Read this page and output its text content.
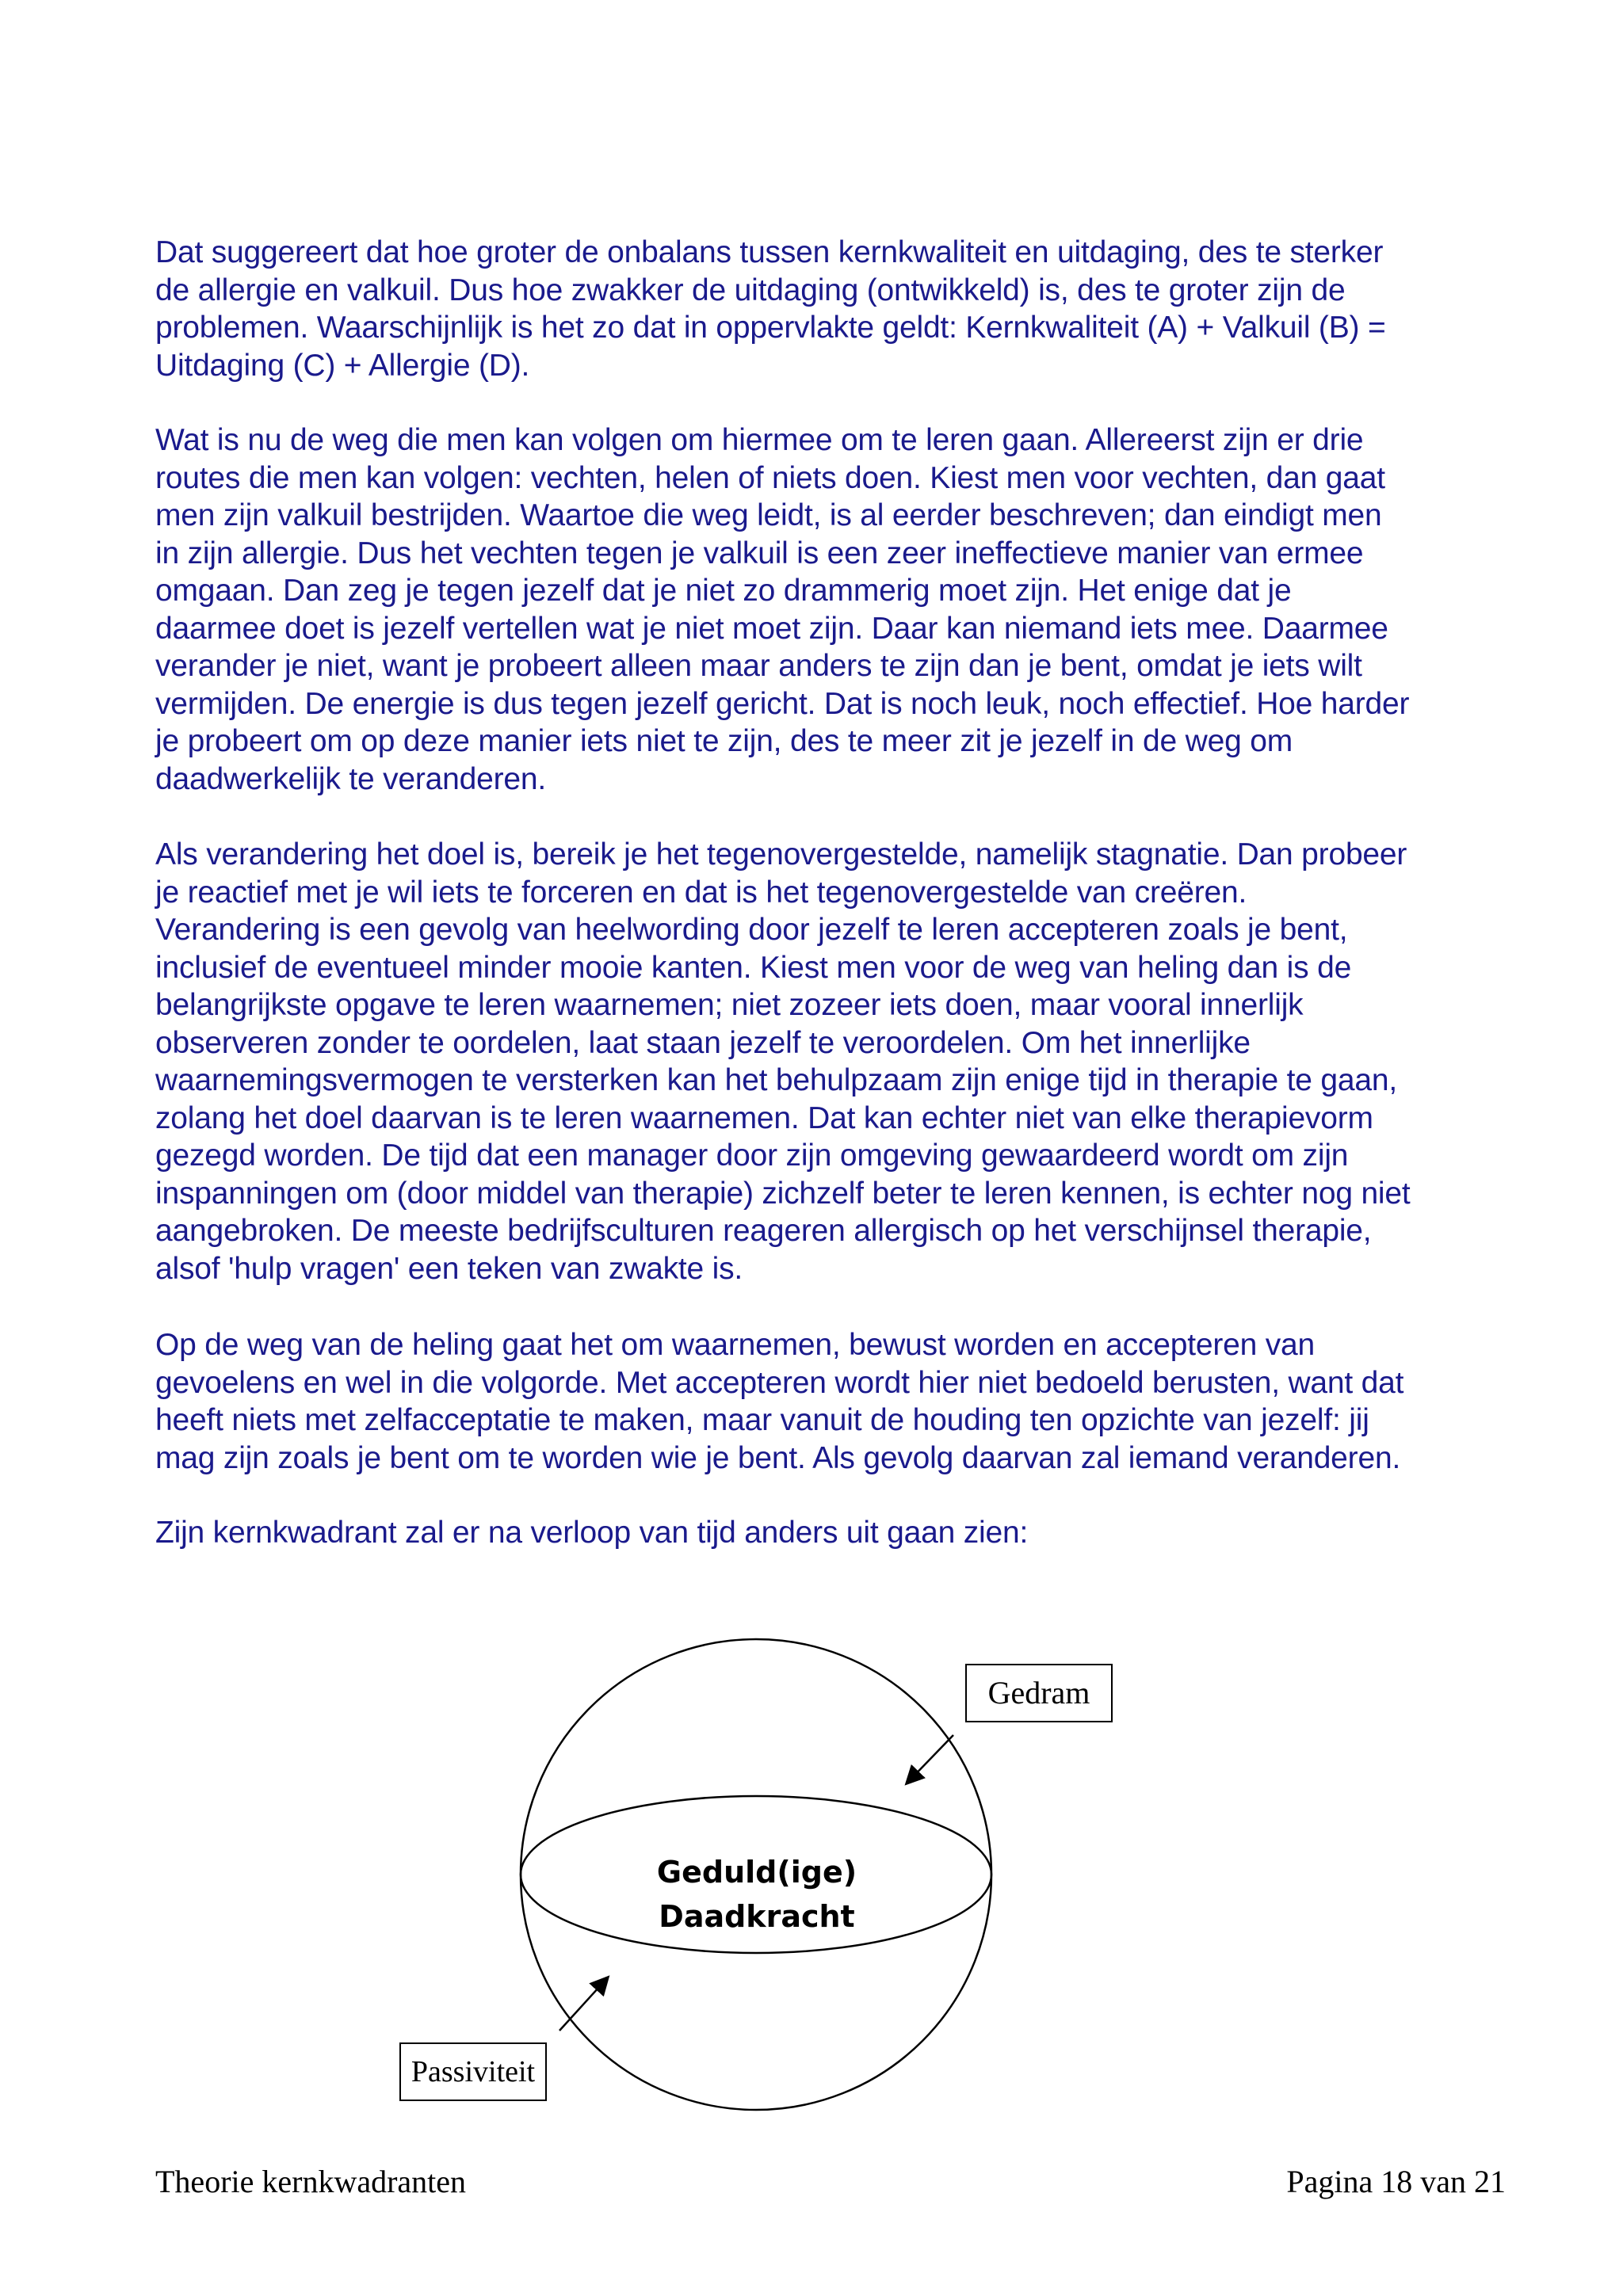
Dat suggereert dat hoe groter de onbalans tussen kernkwaliteit en uitdaging, des te sterker
de allergie en valkuil. Dus hoe zwakker de uitdaging (ontwikkeld) is, des te groter zijn de
problemen. Waarschijnlijk is het zo dat in oppervlakte geldt: Kernkwaliteit (A) + Valkuil (B) =
Uitdaging (C) + Allergie (D).
Wat is nu de weg die men kan volgen om hiermee om te leren gaan. Allereerst zijn er drie
routes die men kan volgen: vechten, helen of niets doen. Kiest men voor vechten, dan gaat
men zijn valkuil bestrijden. Waartoe die weg leidt, is al eerder beschreven; dan eindigt men
in zijn allergie. Dus het vechten tegen je valkuil is een zeer ineffectieve manier van ermee
omgaan. Dan zeg je tegen jezelf dat je niet zo drammerig moet zijn. Het enige dat je
daarmee doet is jezelf vertellen wat je niet moet zijn. Daar kan niemand iets mee. Daarmee
verander je niet, want je probeert alleen maar anders te zijn dan je bent, omdat je iets wilt
vermijden. De energie is dus tegen jezelf gericht. Dat is noch leuk, noch effectief. Hoe harder
je probeert om op deze manier iets niet te zijn, des te meer zit je jezelf in de weg om
daadwerkelijk te veranderen.
Als verandering het doel is, bereik je het tegenovergestelde, namelijk stagnatie. Dan probeer
je reactief met je wil iets te forceren en dat is het tegenovergestelde van creëren.
Verandering is een gevolg van heelwording door jezelf te leren accepteren zoals je bent,
inclusief de eventueel minder mooie kanten. Kiest men voor de weg van heling dan is de
belangrijkste opgave te leren waarnemen; niet zozeer iets doen, maar vooral innerlijk
observeren zonder te oordelen, laat staan jezelf te veroordelen. Om het innerlijke
waarnemingsvermogen te versterken kan het behulpzaam zijn enige tijd in therapie te gaan,
zolang het doel daarvan is te leren waarnemen. Dat kan echter niet van elke therapievorm
gezegd worden. De tijd dat een manager door zijn omgeving gewaardeerd wordt om zijn
inspanningen om (door middel van therapie) zichzelf beter te leren kennen, is echter nog niet
aangebroken. De meeste bedrijfsculturen reageren allergisch op het verschijnsel therapie,
alsof 'hulp vragen' een teken van zwakte is.
Op de weg van de heling gaat het om waarnemen, bewust worden en accepteren van
gevoelens en wel in die volgorde. Met accepteren wordt hier niet bedoeld berusten, want dat
heeft niets met zelfacceptatie te maken, maar vanuit de houding ten opzichte van jezelf: jij
mag zijn zoals je bent om te worden wie je bent. Als gevolg daarvan zal iemand veranderen.
Zijn kernkwadrant zal er na verloop van tijd anders uit gaan zien:
Gedram
Passiviteit
Geduld(ige)
Daadkracht
Theorie kernkwadranten	Pagina 18 van 21
